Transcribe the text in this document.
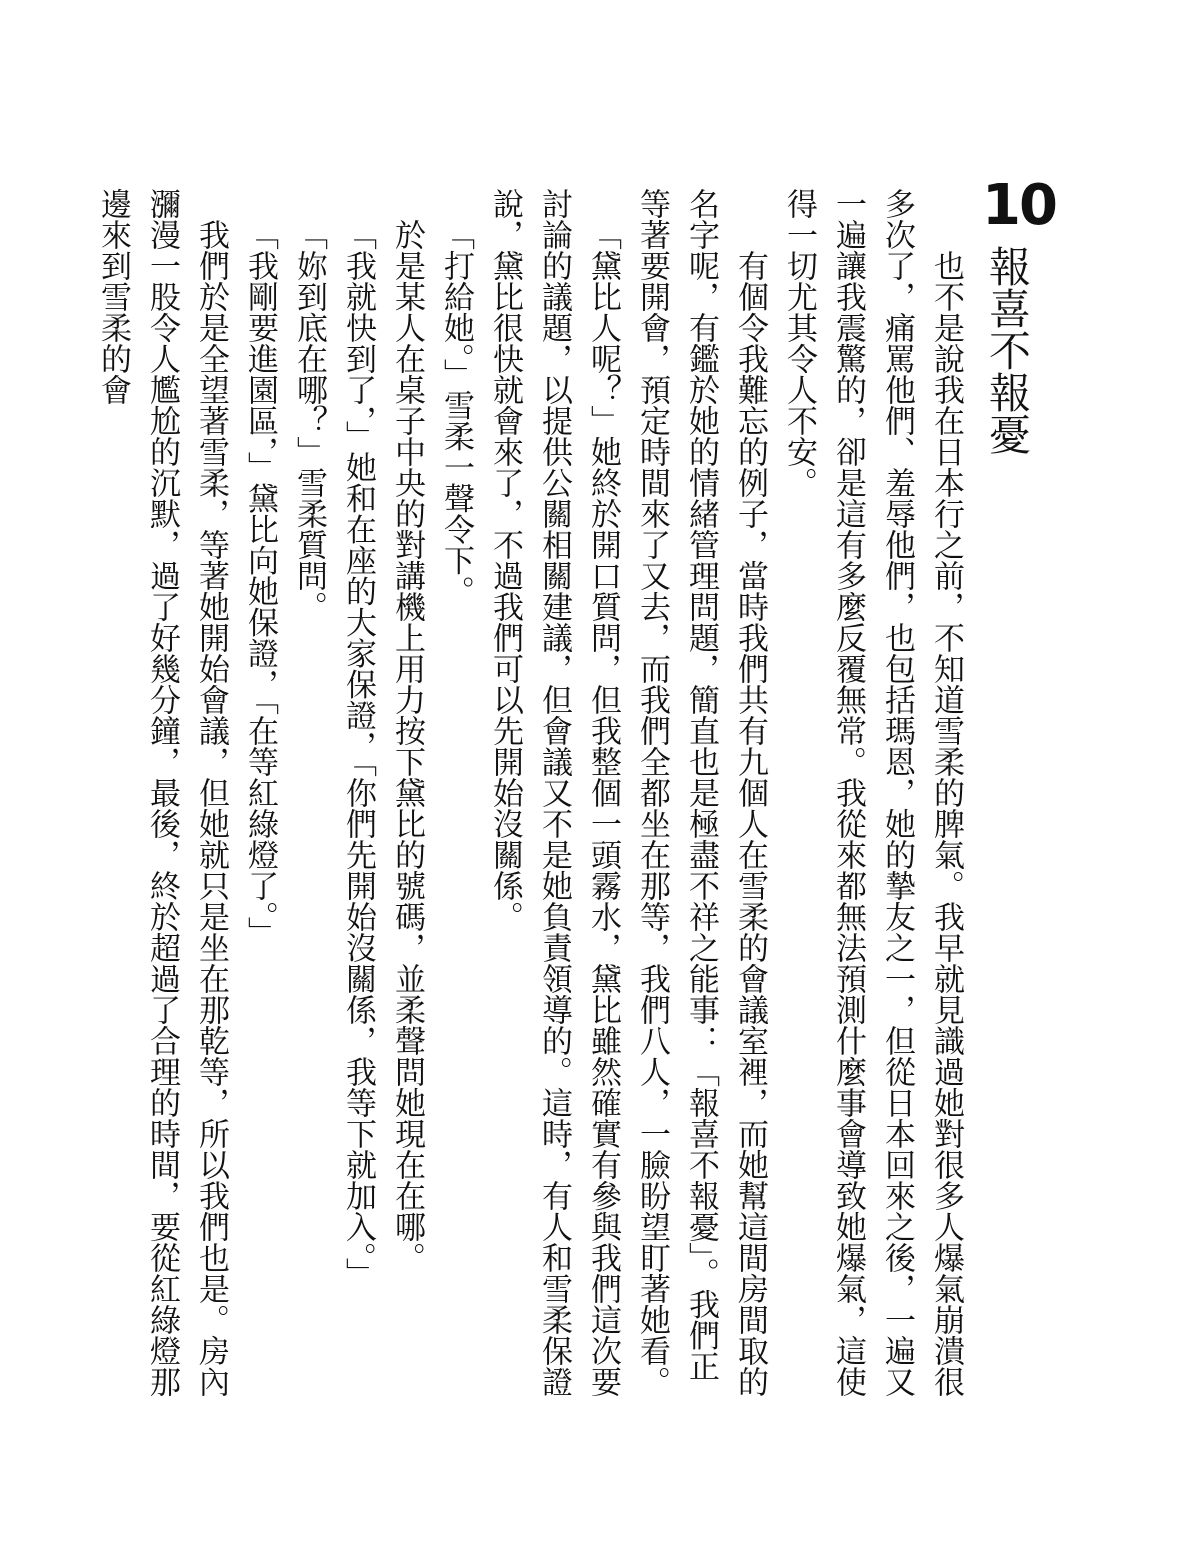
10
報喜不報憂

也不是說我在日本行之前，不知道雪柔的脾氣。我早就見識過她對很多人爆氣崩潰很多次了，痛罵他們、羞辱他們，也包括瑪恩，她的摯友之一，但從日本回來之後，一遍又一遍讓我震驚的，卻是這有多麼反覆無常。我從來都無法預測什麼事會導致她爆氣，這使得一切尤其令人不安。

有個令我難忘的例子，當時我們共有九個人在雪柔的會議室裡，而她幫這間房間取的名字呢，有鑑於她的情緒管理問題，簡直也是極盡不祥之能事：「報喜不報憂」。我們正等著要開會，預定時間來了又去，而我們全都坐在那等，我們八人，一臉盼望盯著她看。

「黛比人呢？」她終於開口質問，但我整個一頭霧水，黛比雖然確實有參與我們這次要討論的議題，以提供公關相關建議，但會議又不是她負責領導的。這時，有人和雪柔保證說，黛比很快就會來了，不過我們可以先開始沒關係。

「打給她。」雪柔一聲令下。

於是某人在桌子中央的對講機上用力按下黛比的號碼，並柔聲問她現在在哪。

「我就快到了，」她和在座的大家保證，「你們先開始沒關係，我等下就加入。」

「妳到底在哪？」雪柔質問。

「我剛要進園區，」黛比向她保證，「在等紅綠燈了。」

我們於是全望著雪柔，等著她開始會議，但她就只是坐在那乾等，所以我們也是。房內瀰漫一股令人尷尬的沉默，過了好幾分鐘，最後，終於超過了合理的時間，要從紅綠燈那邊來到雪柔的會
